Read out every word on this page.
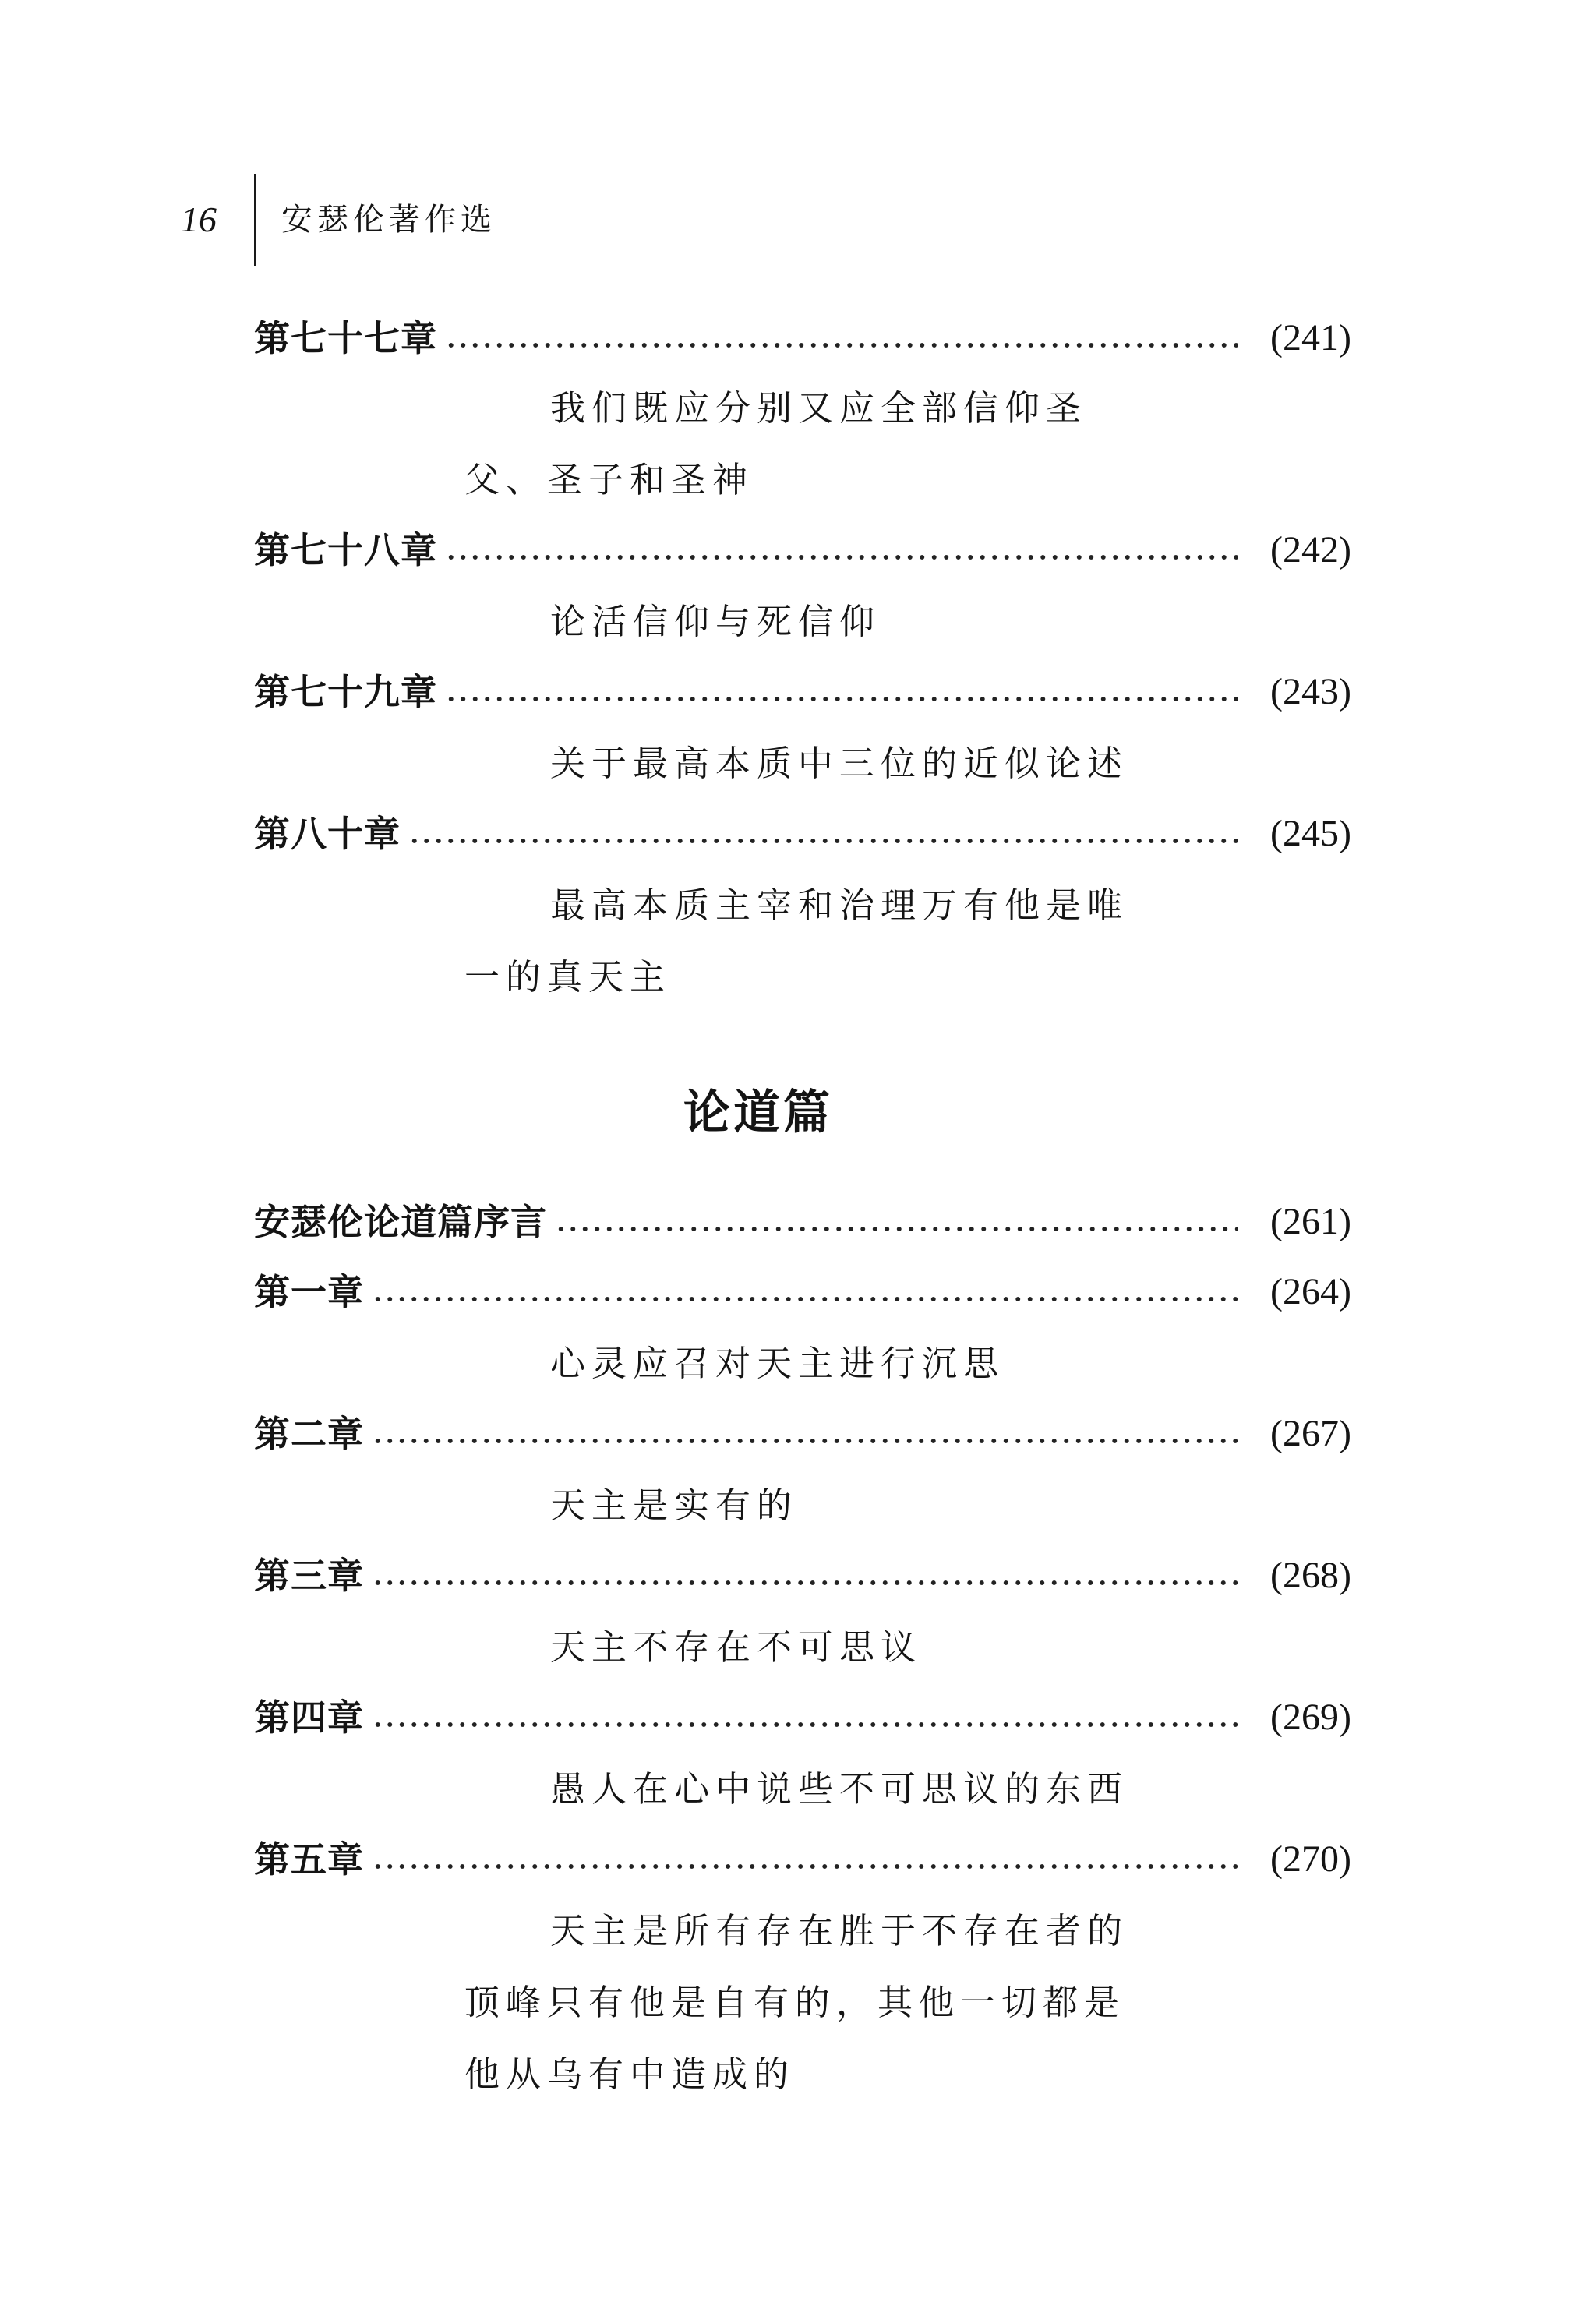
16	安瑟伦著作选
第七十七章	(241)
我们既应分别又应全部信仰圣父、圣子和圣神
第七十八章	(242)
论活信仰与死信仰
第七十九章	(243)
关于最高本质中三位的近似论述
第八十章	(245)
最高本质主宰和治理万有他是唯一的真天主
论道篇
安瑟伦论道篇序言	(261)
第一章	(264)
心灵应召对天主进行沉思
第二章	(267)
天主是实有的
第三章	(268)
天主不存在不可思议
第四章	(269)
愚人在心中说些不可思议的东西
第五章	(270)
天主是所有存在胜于不存在者的顶峰只有他是自有的，其他一切都是他从乌有中造成的
